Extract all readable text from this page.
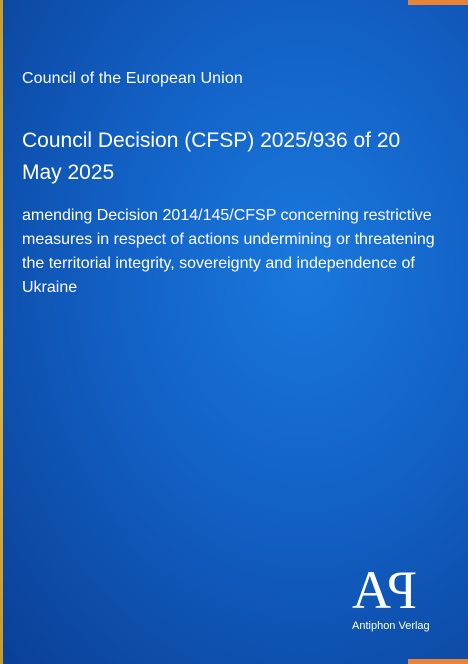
Council of the European Union
Council Decision (CFSP) 2025/936 of 20 May 2025
amending Decision 2014/145/CFSP concerning restrictive measures in respect of actions undermining or threatening the territorial integrity, sovereignty and independence of Ukraine
AP
Antiphon Verlag
